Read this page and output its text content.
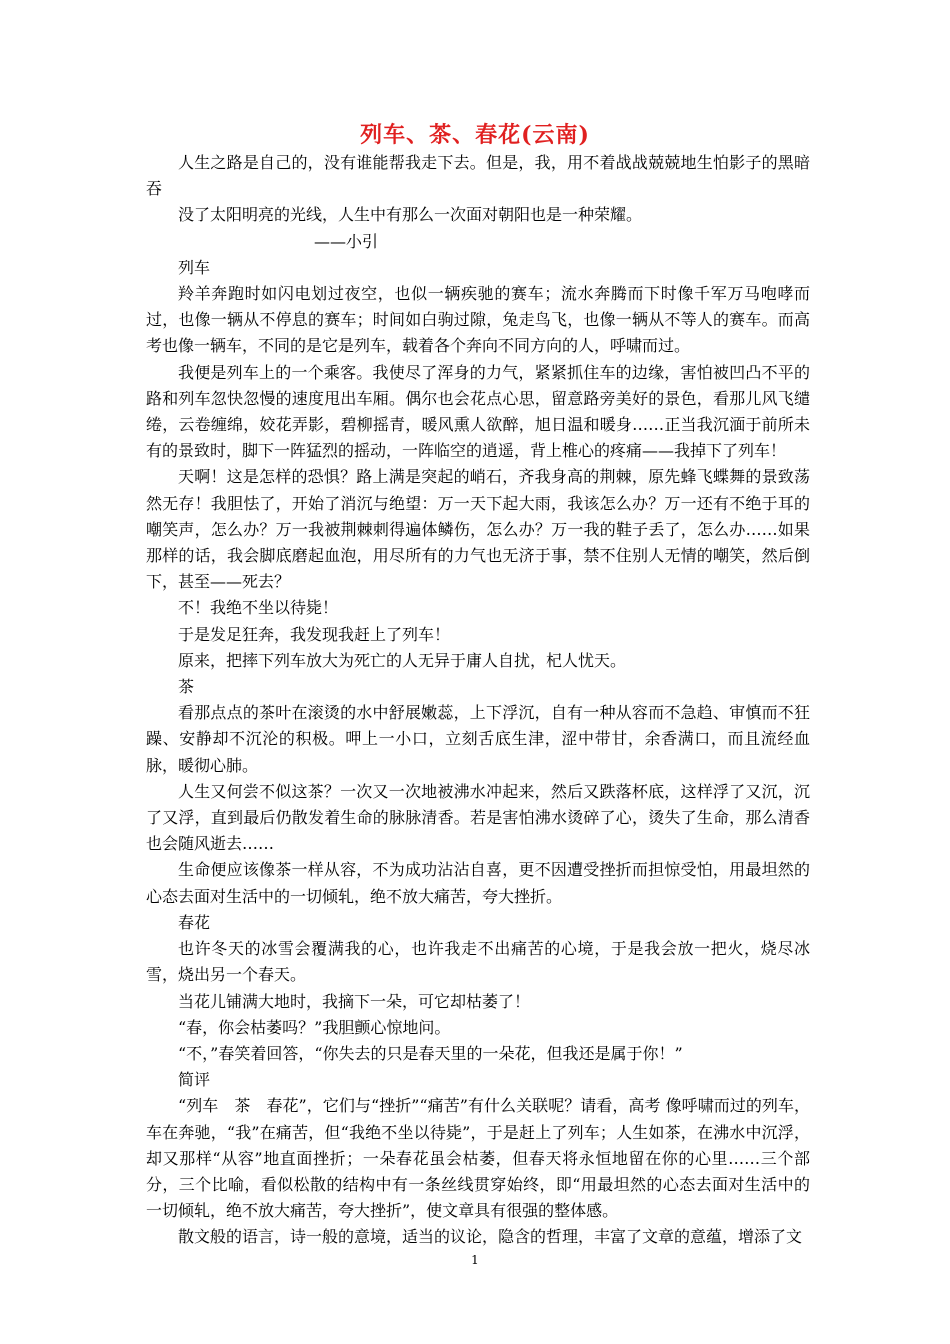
列车、茶、春花(云南)

人生之路是自己的，没有谁能帮我走下去。但是，我，用不着战战兢兢地生怕影子的黑暗吞

没了太阳明亮的光线，人生中有那么一次面对朝阳也是一种荣耀。

——小引

列车

羚羊奔跑时如闪电划过夜空，也似一辆疾驰的赛车；流水奔腾而下时像千军万马咆哮而过，也像一辆从不停息的赛车；时间如白驹过隙，兔走鸟飞，也像一辆从不等人的赛车。而高考也像一辆车，不同的是它是列车，载着各个奔向不同方向的人，呼啸而过。

我便是列车上的一个乘客。我使尽了浑身的力气，紧紧抓住车的边缘，害怕被凹凸不平的路和列车忽快忽慢的速度甩出车厢。偶尔也会花点心思，留意路旁美好的景色，看那儿风飞缱绻，云卷缠绵，姣花弄影，碧柳摇青，暖风熏人欲醉，旭日温和暖身……正当我沉湎于前所未有的景致时，脚下一阵猛烈的摇动，一阵临空的逍遥，背上椎心的疼痛——我掉下了列车！

天啊！这是怎样的恐惧？路上满是突起的峭石，齐我身高的荆棘，原先蜂飞蝶舞的景致荡然无存！我胆怯了，开始了消沉与绝望：万一天下起大雨，我该怎么办？万一还有不绝于耳的嘲笑声，怎么办？万一我被荆棘刺得遍体鳞伤，怎么办？万一我的鞋子丢了，怎么办……如果那样的话，我会脚底磨起血泡，用尽所有的力气也无济于事，禁不住别人无情的嘲笑，然后倒下，甚至——死去？

不！我绝不坐以待毙！

于是发足狂奔，我发现我赶上了列车！

原来，把摔下列车放大为死亡的人无异于庸人自扰，杞人忧天。

茶

看那点点的茶叶在滚烫的水中舒展嫩蕊，上下浮沉，自有一种从容而不急趋、审慎而不狂躁、安静却不沉沦的积极。呷上一小口，立刻舌底生津，涩中带甘，余香满口，而且流经血脉，暖彻心肺。

人生又何尝不似这茶？一次又一次地被沸水冲起来，然后又跌落杯底，这样浮了又沉，沉了又浮，直到最后仍散发着生命的脉脉清香。若是害怕沸水烫碎了心，烫失了生命，那么清香也会随风逝去……

生命便应该像茶一样从容，不为成功沾沾自喜，更不因遭受挫折而担惊受怕，用最坦然的心态去面对生活中的一切倾轧，绝不放大痛苦，夸大挫折。

春花

也许冬天的冰雪会覆满我的心，也许我走不出痛苦的心境，于是我会放一把火，烧尽冰雪，烧出另一个春天。

当花儿铺满大地时，我摘下一朵，可它却枯萎了！

“春，你会枯萎吗？”我胆颤心惊地问。

“不，”春笑着回答，“你失去的只是春天里的一朵花，但我还是属于你！”

简评

“列车　茶　春花”，它们与“挫折”“痛苦”有什么关联呢？请看，高考 像呼啸而过的列车，车在奔驰，“我”在痛苦，但“我绝不坐以待毙”，于是赶上了列车；人生如茶，在沸水中沉浮，却又那样“从容”地直面挫折；一朵春花虽会枯萎，但春天将永恒地留在你的心里……三个部分，三个比喻，看似松散的结构中有一条丝线贯穿始终，即“用最坦然的心态去面对生活中的一切倾轧，绝不放大痛苦，夸大挫折”，使文章具有很强的整体感。

散文般的语言，诗一般的意境，适当的议论，隐含的哲理，丰富了文章的意蕴，增添了文

1
